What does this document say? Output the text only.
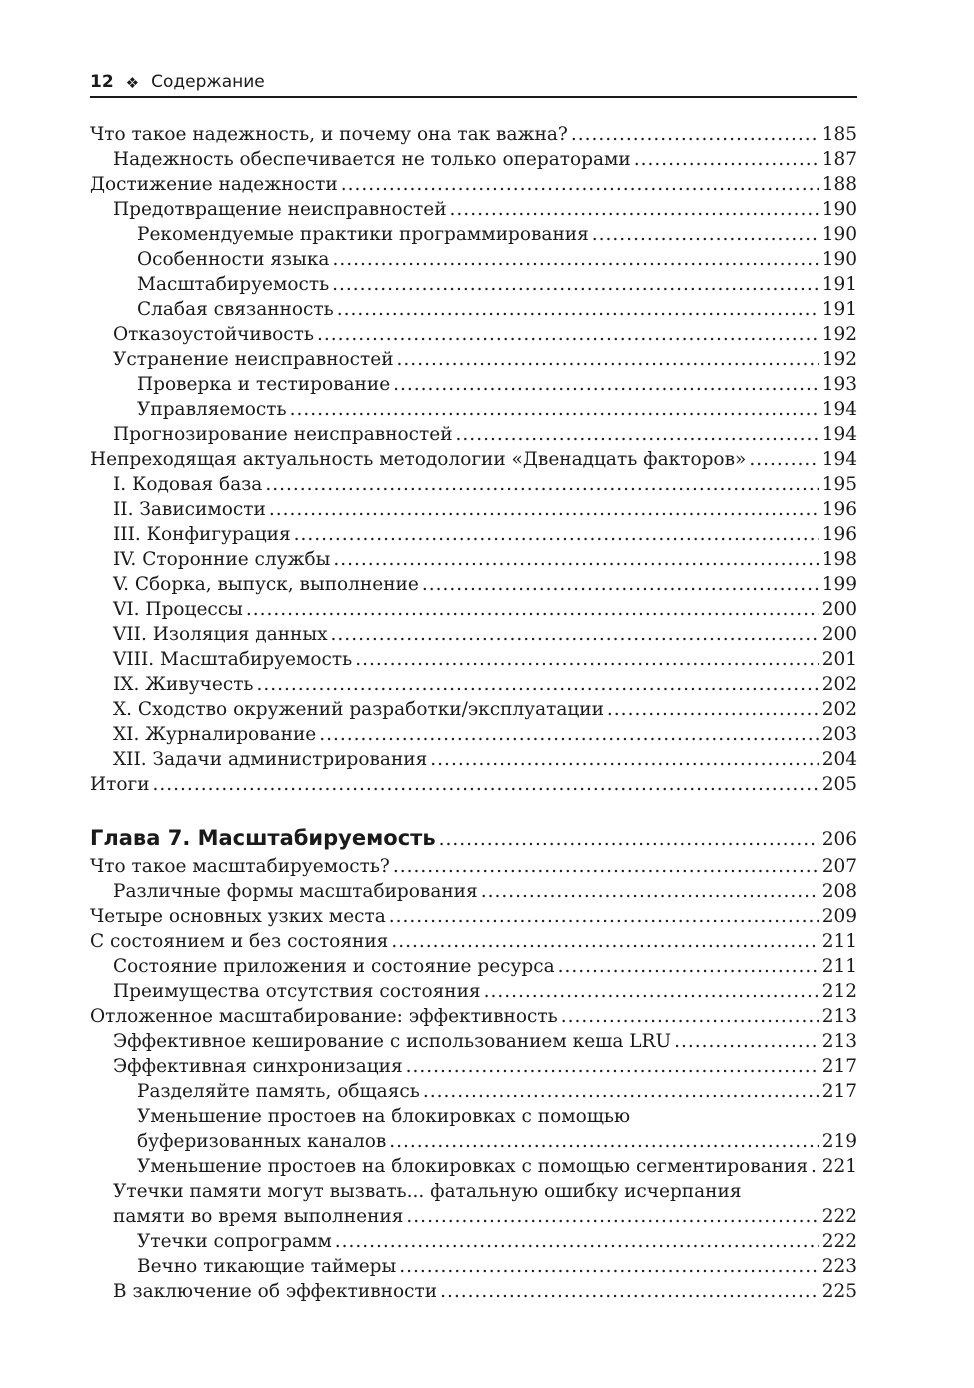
12 ❖ Содержание
Что такое надежность, и почему она так важна? .....	185
Надежность обеспечивается не только операторами .....	187
Достижение надежности .....	188
Предотвращение неисправностей .....	190
Рекомендуемые практики программирования .....	190
Особенности языка .....	190
Масштабируемость .....	191
Слабая связанность .....	191
Отказоустойчивость .....	192
Устранение неисправностей .....	192
Проверка и тестирование .....	193
Управляемость .....	194
Прогнозирование неисправностей .....	194
Непреходящая актуальность методологии «Двенадцать факторов» .....	194
I. Кодовая база .....	195
II. Зависимости .....	196
III. Конфигурация .....	196
IV. Сторонние службы .....	198
V. Сборка, выпуск, выполнение .....	199
VI. Процессы .....	200
VII. Изоляция данных .....	200
VIII. Масштабируемость .....	201
IX. Живучесть .....	202
X. Сходство окружений разработки/эксплуатации .....	202
XI. Журналирование .....	203
XII. Задачи администрирования .....	204
Итоги .....	205
Глава 7. Масштабируемость .....	206
Что такое масштабируемость? .....	207
Различные формы масштабирования .....	208
Четыре основных узких места .....	209
С состоянием и без состояния .....	211
Состояние приложения и состояние ресурса .....	211
Преимущества отсутствия состояния .....	212
Отложенное масштабирование: эффективность .....	213
Эффективное кеширование с использованием кеша LRU .....	213
Эффективная синхронизация .....	217
Разделяйте память, общаясь .....	217
Уменьшение простоев на блокировках с помощью
буферизованных каналов .....	219
Уменьшение простоев на блокировках с помощью сегментирования ..... 221
Утечки памяти могут вызвать... фатальную ошибку исчерпания
памяти во время выполнения .....	222
Утечки сопрограмм .....	222
Вечно тикающие таймеры .....	223
В заключение об эффективности .....	225
